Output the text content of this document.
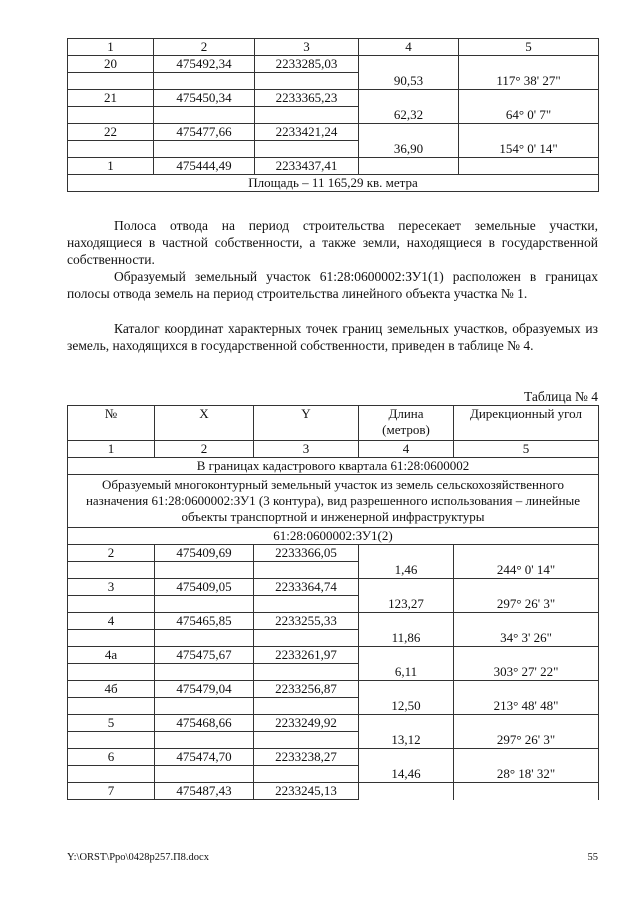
1	2	3	4	5
20	475492,34	2233285,03		
			90,53	117° 38' 27"
21	475450,34	2233365,23		
			62,32	64° 0' 7"
22	475477,66	2233421,24		
			36,90	154° 0' 14"
1	475444,49	2233437,41		
Площадь – 11 165,29 кв. метра				

Полоса отвода на период строительства пересекает земельные участки, находящиеся в частной собственности, а также земли, находящиеся в государственной собственности.

Образуемый земельный участок 61:28:0600002:ЗУ1(1) расположен в границах полосы отвода земель на период строительства линейного объекта участка № 1.

Каталог координат характерных точек границ земельных участков, образуемых из земель, находящихся в государственной собственности, приведен в таблице № 4.

Таблица № 4
№	X	Y	Длина (метров)	Дирекционный угол
1	2	3	4	5
В границах кадастрового квартала 61:28:0600002				
Образуемый многоконтурный земельный участок из земель сельскохозяйственного назначения 61:28:0600002:ЗУ1 (3 контура), вид разрешенного использования – линейные объекты транспортной и инженерной инфраструктуры				
61:28:0600002:ЗУ1(2)				
2	475409,69	2233366,05		
			1,46	244° 0' 14"
3	475409,05	2233364,74		
			123,27	297° 26' 3"
4	475465,85	2233255,33		
			11,86	34° 3' 26"
4а	475475,67	2233261,97		
			6,11	303° 27' 22"
4б	475479,04	2233256,87		
			12,50	213° 48' 48"
5	475468,66	2233249,92		
			13,12	297° 26' 3"
6	475474,70	2233238,27		
			14,46	28° 18' 32"
7	475487,43	2233245,13		
Y:\ORST\Ppo\0428p257.П8.docx	55
